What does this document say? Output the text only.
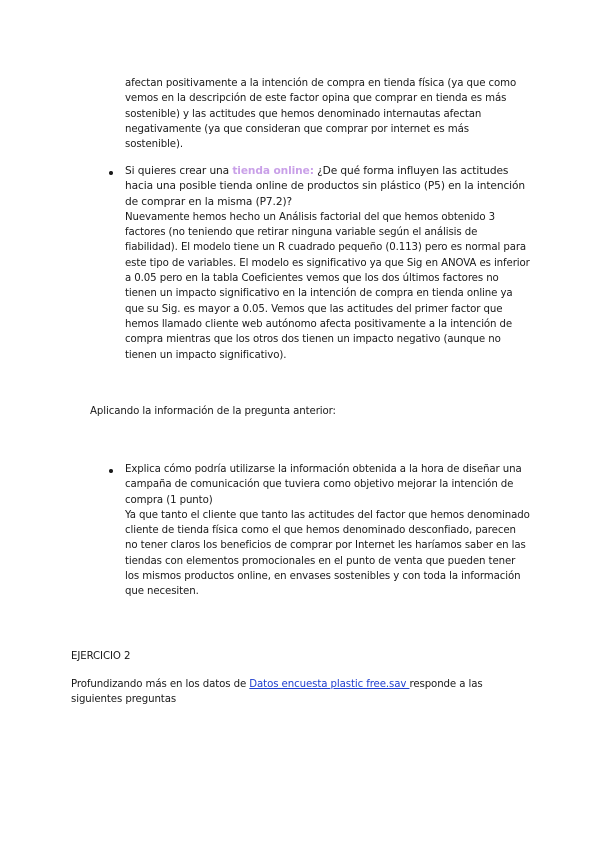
afectan positivamente a la intención de compra en tienda física (ya que como vemos en la descripción de este factor opina que comprar en tienda es más sostenible) y las actitudes que hemos denominado internautas afectan negativamente (ya que consideran que comprar por internet es más sostenible).

Si quieres crear una tienda online: ¿De qué forma influyen las actitudes hacia una posible tienda online de productos sin plástico (P5) en la intención de comprar en la misma (P7.2)?
Nuevamente hemos hecho un Análisis factorial del que hemos obtenido 3 factores (no teniendo que retirar ninguna variable según el análisis de fiabilidad). El modelo tiene un R cuadrado pequeño (0.113) pero es normal para este tipo de variables. El modelo es significativo ya que Sig en ANOVA es inferior a 0.05 pero en la tabla Coeficientes vemos que los dos últimos factores no tienen un impacto significativo en la intención de compra en tienda online ya que su Sig. es mayor a 0.05. Vemos que las actitudes del primer factor que hemos llamado cliente web autónomo afecta positivamente a la intención de compra mientras que los otros dos tienen un impacto negativo (aunque no tienen un impacto significativo).

Aplicando la información de la pregunta anterior:

Explica cómo podría utilizarse la información obtenida a la hora de diseñar una campaña de comunicación que tuviera como objetivo mejorar la intención de compra (1 punto)
Ya que tanto el cliente que tanto las actitudes del factor que hemos denominado cliente de tienda física como el que hemos denominado desconfiado, parecen no tener claros los beneficios de comprar por Internet les haríamos saber en las tiendas con elementos promocionales en el punto de venta que pueden tener los mismos productos online, en envases sostenibles y con toda la información que necesiten.

EJERCICIO 2

Profundizando más en los datos de Datos encuesta plastic free.sav responde a las siguientes preguntas
